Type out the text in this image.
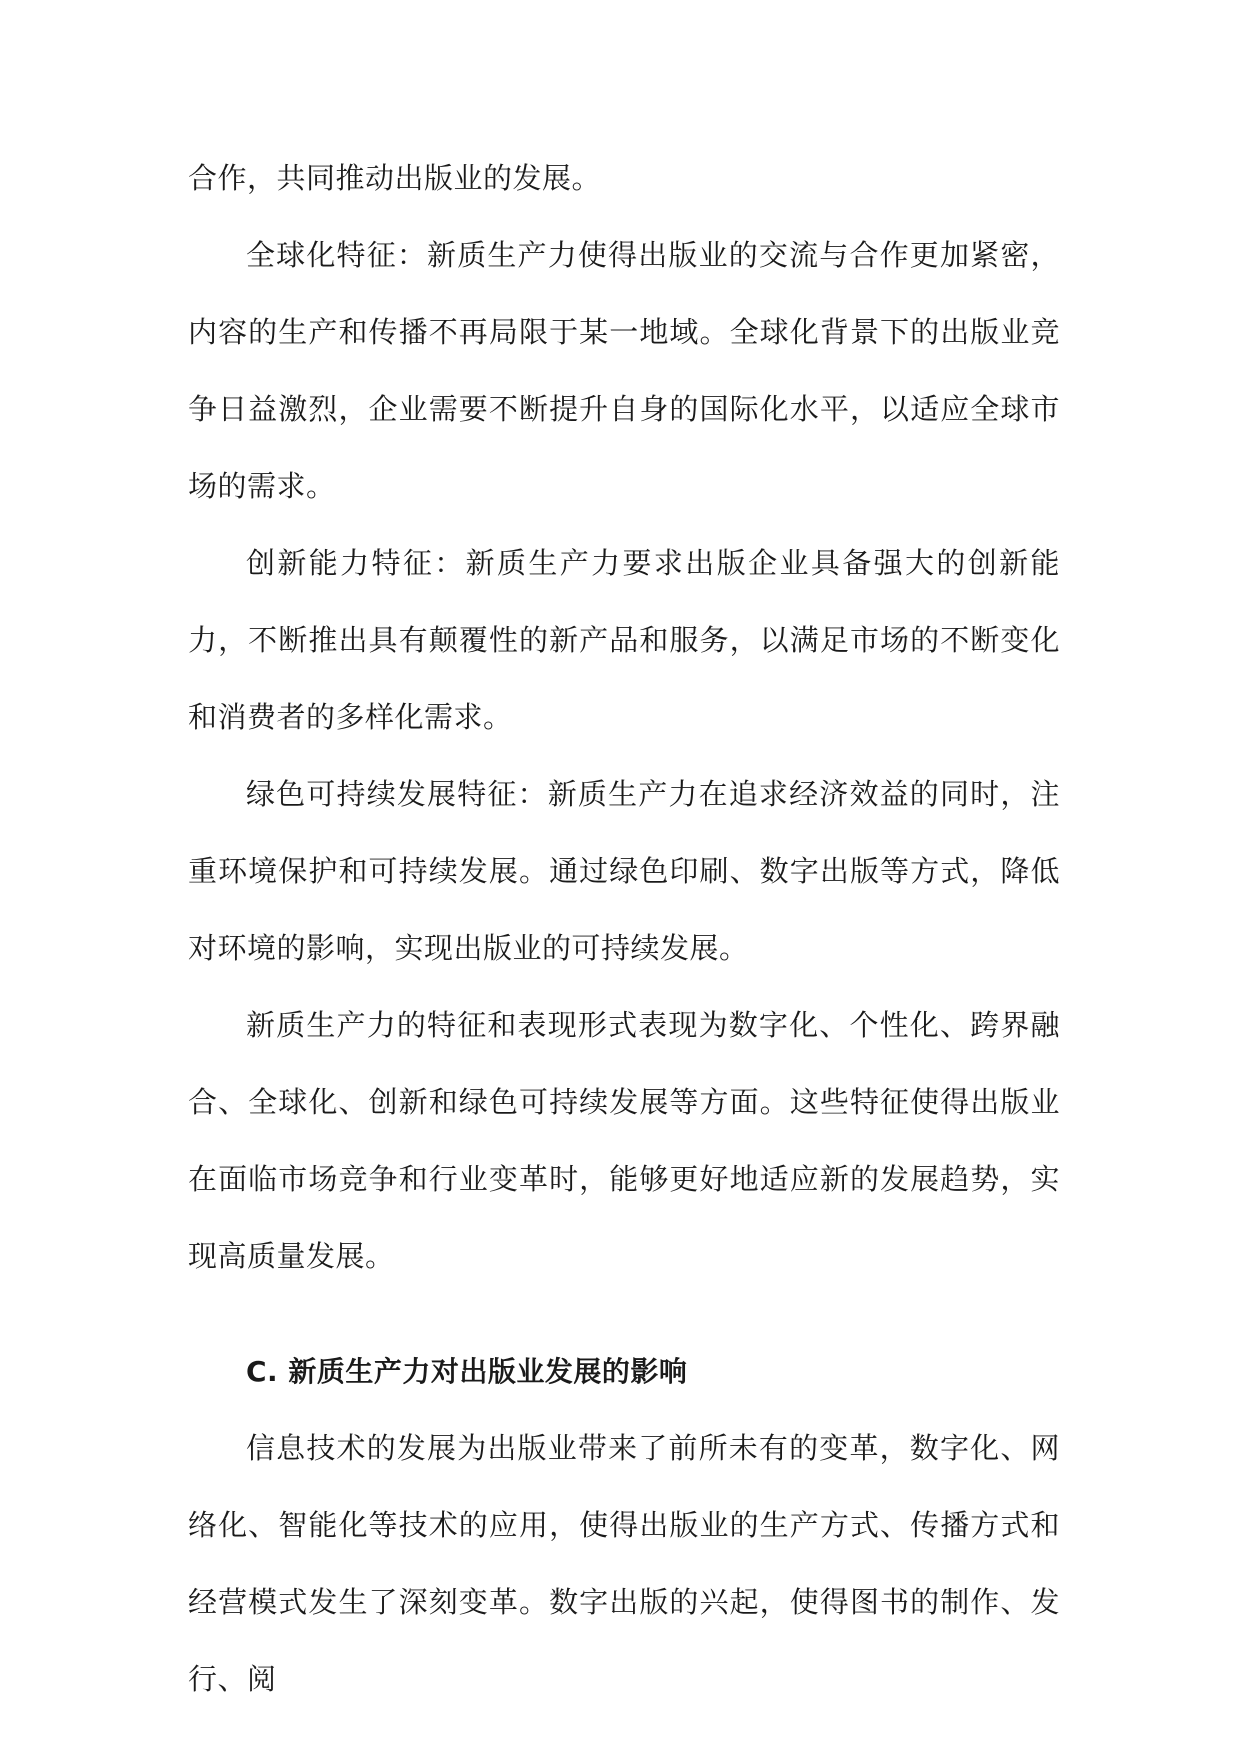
合作，共同推动出版业的发展。

全球化特征：新质生产力使得出版业的交流与合作更加紧密，内容的生产和传播不再局限于某一地域。全球化背景下的出版业竞争日益激烈，企业需要不断提升自身的国际化水平，以适应全球市场的需求。

创新能力特征：新质生产力要求出版企业具备强大的创新能力，不断推出具有颠覆性的新产品和服务，以满足市场的不断变化和消费者的多样化需求。

绿色可持续发展特征：新质生产力在追求经济效益的同时，注重环境保护和可持续发展。通过绿色印刷、数字出版等方式，降低对环境的影响，实现出版业的可持续发展。

新质生产力的特征和表现形式表现为数字化、个性化、跨界融合、全球化、创新和绿色可持续发展等方面。这些特征使得出版业在面临市场竞争和行业变革时，能够更好地适应新的发展趋势，实现高质量发展。

C. 新质生产力对出版业发展的影响

信息技术的发展为出版业带来了前所未有的变革，数字化、网络化、智能化等技术的应用，使得出版业的生产方式、传播方式和经营模式发生了深刻变革。数字出版的兴起，使得图书的制作、发行、阅
